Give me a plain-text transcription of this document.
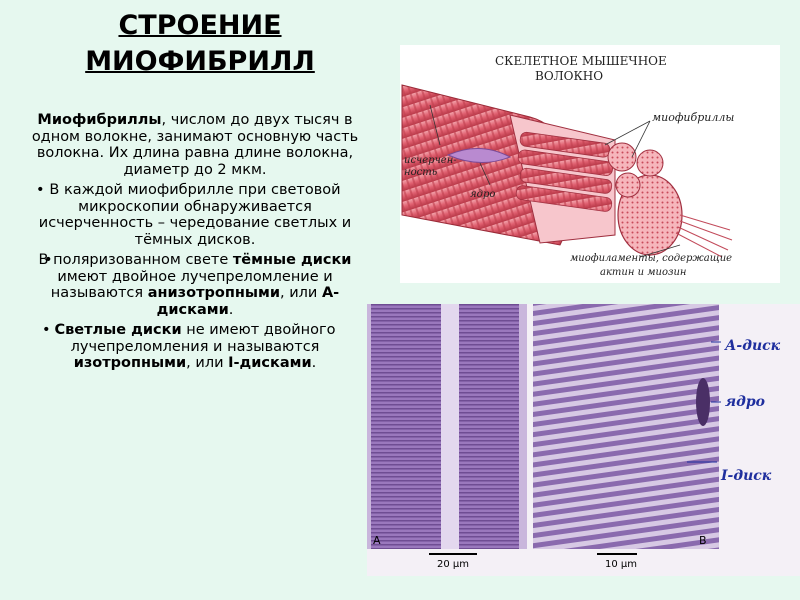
СТРОЕНИЕ МИОФИБРИЛЛ

Миофибриллы, числом до двух тысяч в одном волокне, занимают основную часть волокна. Их длина равна длине волокна, диаметр до 2 мкм.

• В каждой миофибрилле при световой микроскопии обнаруживается исчерченность – чередование светлых и тёмных дисков.

• В поляризованном свете тёмные диски имеют двойное лучепреломление и называются анизотропными, или А-дисками.

• Светлые диски не имеют двойного лучепреломления и называются изотропными, или I-дисками.

СКЕЛЕТНОЕ МЫШЕЧНОЕ
ВОЛОКНО
миофибриллы
исчерчен-
ность
ядро
миофиламенты, содержащие
актин и миозин
20 μm	10 μm
A	B
А-диск
ядро
I-диск
